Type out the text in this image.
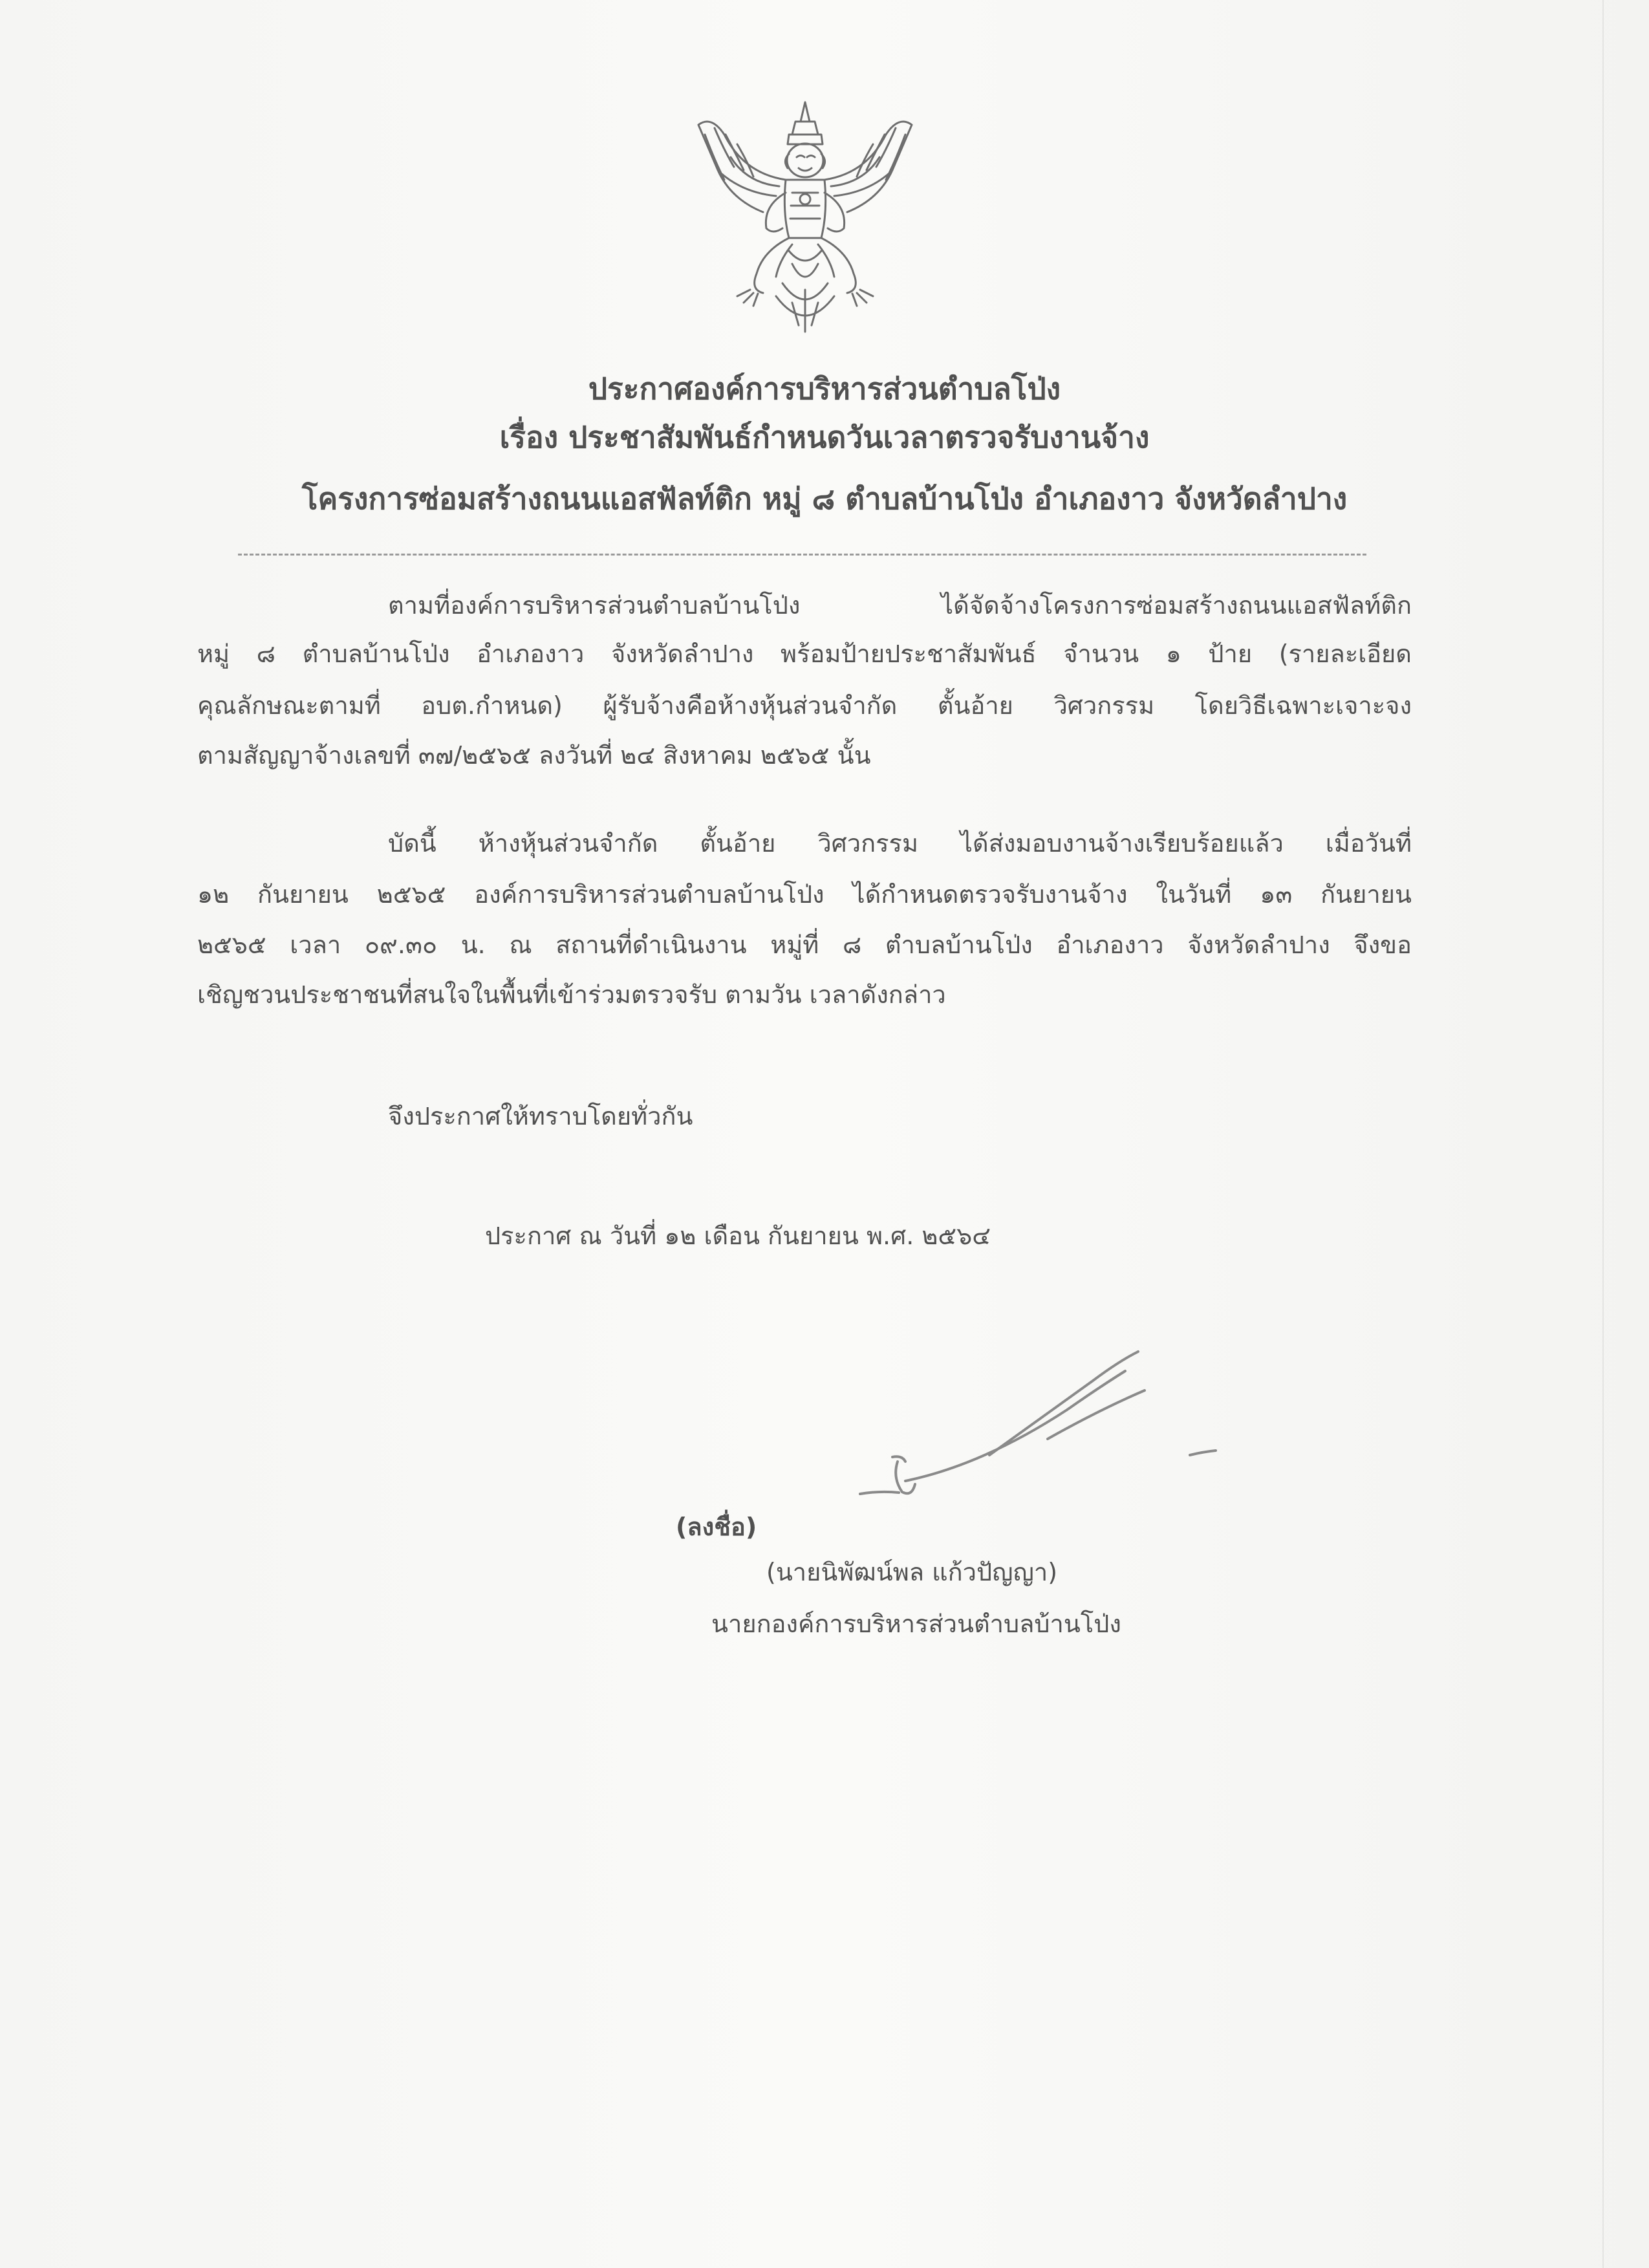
ประกาศองค์การบริหารส่วนตำบลโป่ง
เรื่อง ประชาสัมพันธ์กำหนดวันเวลาตรวจรับงานจ้าง
โครงการซ่อมสร้างถนนแอสฟัลท์ติก หมู่ ๘ ตำบลบ้านโป่ง อำเภองาว จังหวัดลำปาง
ตามที่องค์การบริหารส่วนตำบลบ้านโป่ง ได้จัดจ้างโครงการซ่อมสร้างถนนแอสฟัลท์ติก
หมู่ ๘ ตำบลบ้านโป่ง อำเภองาว จังหวัดลำปาง พร้อมป้ายประชาสัมพันธ์ จำนวน ๑ ป้าย (รายละเอียด
คุณลักษณะตามที่ อบต.กำหนด) ผู้รับจ้างคือห้างหุ้นส่วนจำกัด ตั้นอ้าย วิศวกรรม โดยวิธีเฉพาะเจาะจง
ตามสัญญาจ้างเลขที่ ๓๗/๒๕๖๕ ลงวันที่ ๒๔ สิงหาคม ๒๕๖๕ นั้น
บัดนี้ ห้างหุ้นส่วนจำกัด ตั้นอ้าย วิศวกรรม ได้ส่งมอบงานจ้างเรียบร้อยแล้ว เมื่อวันที่
๑๒ กันยายน ๒๕๖๕ องค์การบริหารส่วนตำบลบ้านโป่ง ได้กำหนดตรวจรับงานจ้าง ในวันที่ ๑๓ กันยายน
๒๕๖๕ เวลา ๐๙.๓๐ น. ณ สถานที่ดำเนินงาน หมู่ที่ ๘ ตำบลบ้านโป่ง อำเภองาว จังหวัดลำปาง จึงขอ
เชิญชวนประชาชนที่สนใจในพื้นที่เข้าร่วมตรวจรับ ตามวัน เวลาดังกล่าว
จึงประกาศให้ทราบโดยทั่วกัน
ประกาศ ณ วันที่ ๑๒ เดือน กันยายน พ.ศ. ๒๕๖๔
(ลงชื่อ)
(นายนิพัฒน์พล แก้วปัญญา)
นายกองค์การบริหารส่วนตำบลบ้านโป่ง
